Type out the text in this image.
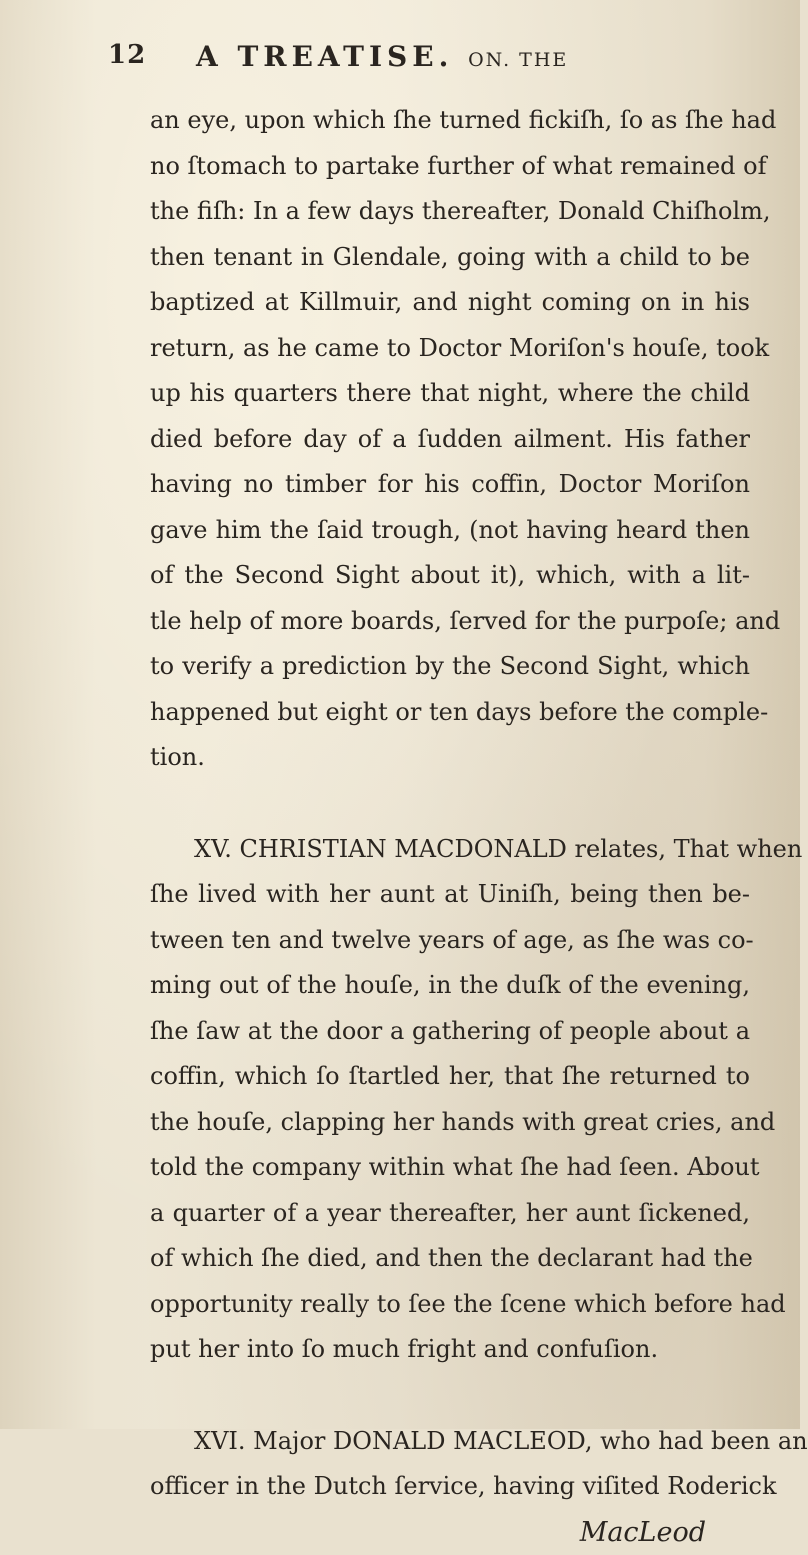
12 A TREATISE. ON. THE
an eye, upon which ſhe turned fickiſh, ſo as ſhe had
no ſtomach to partake further of what remained of
the fiſh: In a few days thereafter, Donald Chiſholm,
then tenant in Glendale, going with a child to be
baptized at Killmuir, and night coming on in his
return, as he came to Doctor Moriſon's houſe, took
up his quarters there that night, where the child
died before day of a ſudden ailment. His father
having no timber for his coffin, Doctor Moriſon
gave him the ſaid trough, (not having heard then
of the Second Sight about it), which, with a lit-
tle help of more boards, ſerved for the purpoſe; and
to verify a prediction by the Second Sight, which
happened but eight or ten days before the comple-
tion.
XV. CHRISTIAN MACDONALD relates, That when
ſhe lived with her aunt at Uiniſh, being then be-
tween ten and twelve years of age, as ſhe was co-
ming out of the houſe, in the duſk of the evening,
ſhe ſaw at the door a gathering of people about a
coffin, which ſo ſtartled her, that ſhe returned to
the houſe, clapping her hands with great cries, and
told the company within what ſhe had ſeen. About
a quarter of a year thereafter, her aunt ſickened,
of which ſhe died, and then the declarant had the
opportunity really to ſee the ſcene which before had
put her into ſo much fright and confuſion.
XVI. Major DONALD MACLEOD, who had been an
officer in the Dutch ſervice, having viſited Roderick
MacLeod
